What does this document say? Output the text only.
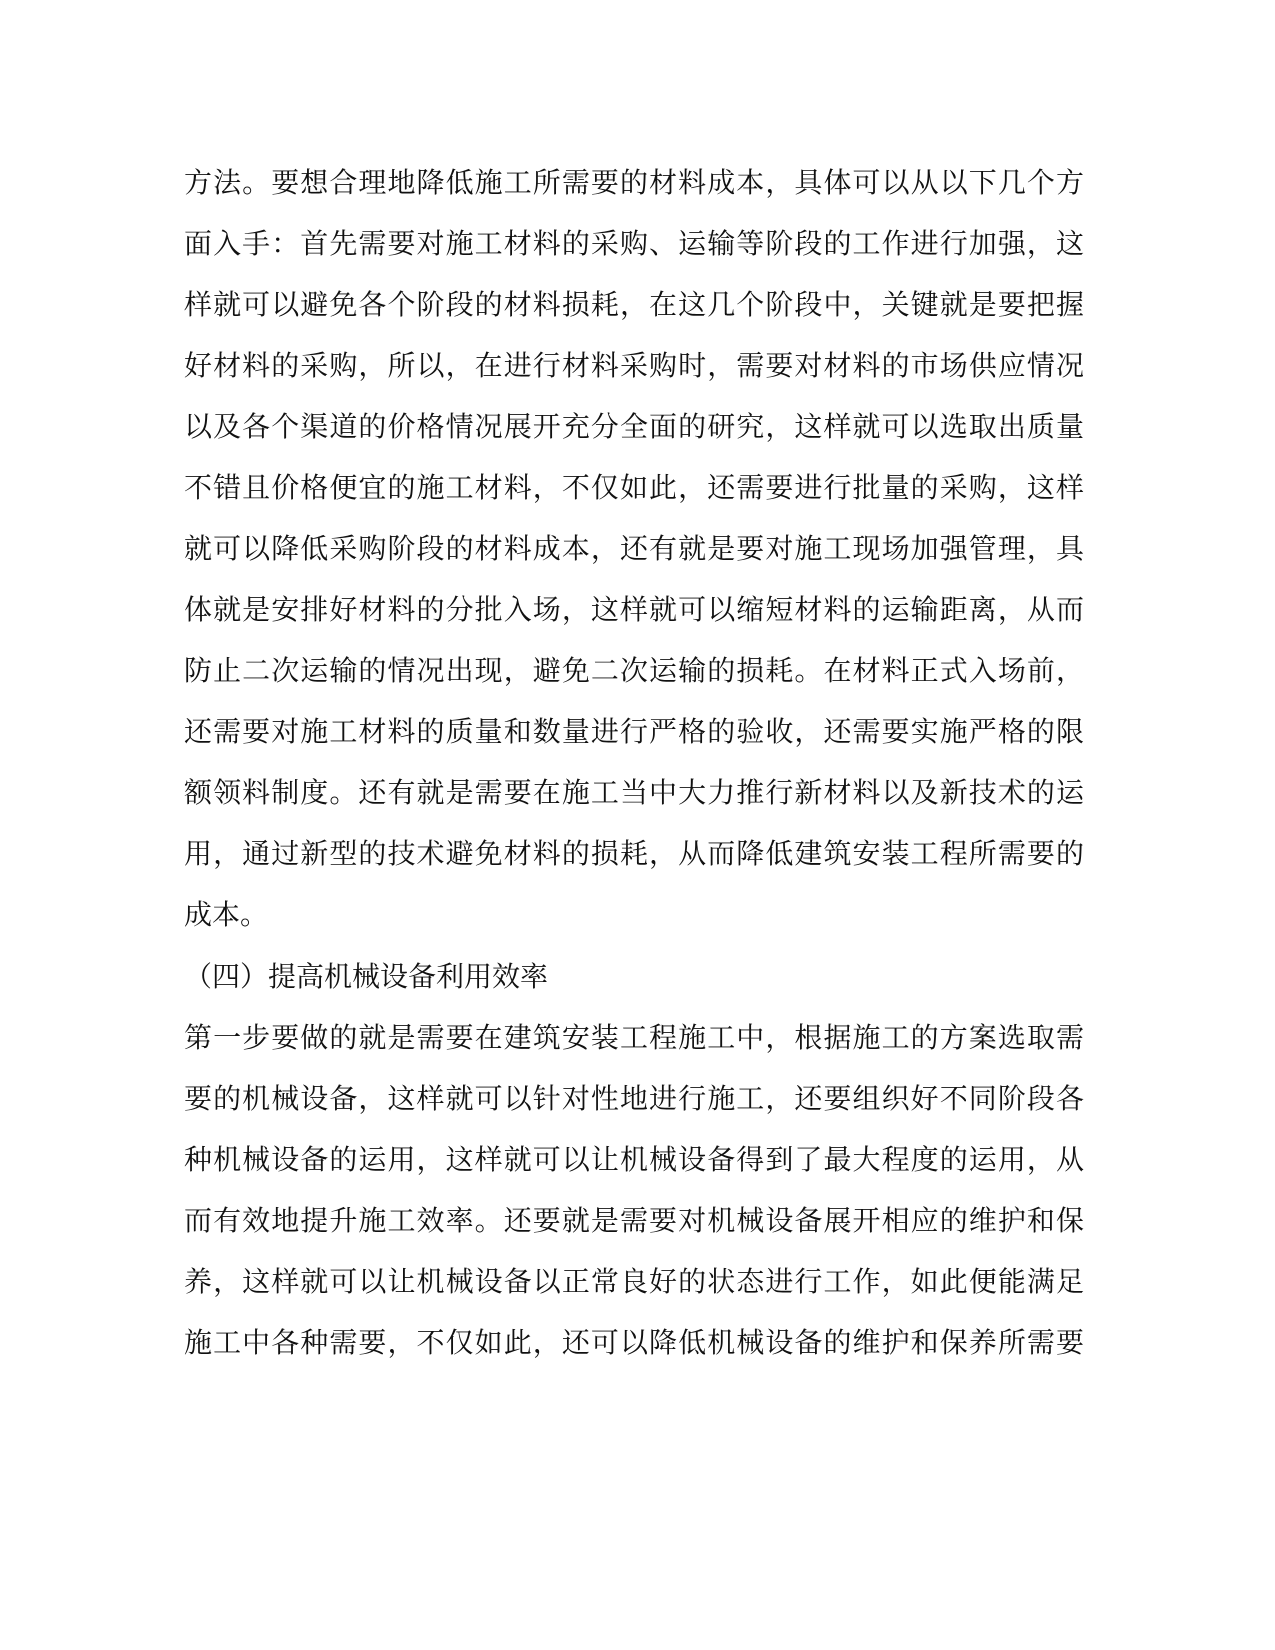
方法。要想合理地降低施工所需要的材料成本，具体可以从以下几个方
面入手：首先需要对施工材料的采购、运输等阶段的工作进行加强，这
样就可以避免各个阶段的材料损耗，在这几个阶段中，关键就是要把握
好材料的采购，所以，在进行材料采购时，需要对材料的市场供应情况
以及各个渠道的价格情况展开充分全面的研究，这样就可以选取出质量
不错且价格便宜的施工材料，不仅如此，还需要进行批量的采购，这样
就可以降低采购阶段的材料成本，还有就是要对施工现场加强管理，具
体就是安排好材料的分批入场，这样就可以缩短材料的运输距离，从而
防止二次运输的情况出现，避免二次运输的损耗。在材料正式入场前，
还需要对施工材料的质量和数量进行严格的验收，还需要实施严格的限
额领料制度。还有就是需要在施工当中大力推行新材料以及新技术的运
用，通过新型的技术避免材料的损耗，从而降低建筑安装工程所需要的
成本。
（四）提高机械设备利用效率
第一步要做的就是需要在建筑安装工程施工中，根据施工的方案选取需
要的机械设备，这样就可以针对性地进行施工，还要组织好不同阶段各
种机械设备的运用，这样就可以让机械设备得到了最大程度的运用，从
而有效地提升施工效率。还要就是需要对机械设备展开相应的维护和保
养，这样就可以让机械设备以正常良好的状态进行工作，如此便能满足
施工中各种需要，不仅如此，还可以降低机械设备的维护和保养所需要
